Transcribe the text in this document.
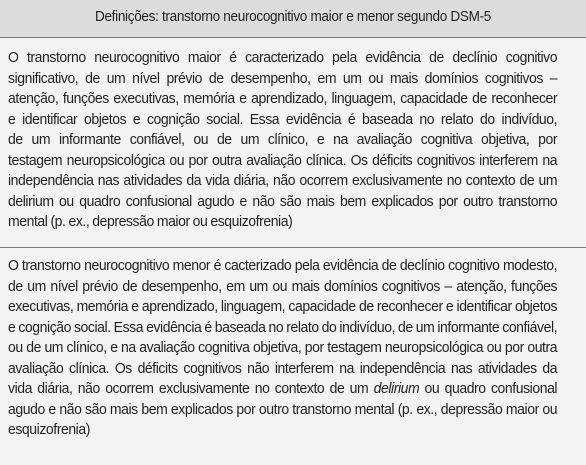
Definições: transtorno neurocognitivo maior e menor segundo DSM-5
O transtorno neurocognitivo maior é caracterizado pela evidência de declínio cognitivo
significativo, de um nível prévio de desempenho, em um ou mais domínios cognitivos –
atenção, funções executivas, memória e aprendizado, linguagem, capacidade de reconhecer
e identificar objetos e cognição social. Essa evidência é baseada no relato do indivíduo,
de um informante confiável, ou de um clínico, e na avaliação cognitiva objetiva, por
testagem neuropsicológica ou por outra avaliação clínica. Os déficits cognitivos interferem na
independência nas atividades da vida diária, não ocorrem exclusivamente no contexto de um
delirium ou quadro confusional agudo e não são mais bem explicados por outro transtorno
mental (p. ex., depressão maior ou esquizofrenia)
O transtorno neurocognitivo menor é cacterizado pela evidência de declínio cognitivo modesto,
de um nível prévio de desempenho, em um ou mais domínios cognitivos – atenção, funções
executivas, memória e aprendizado, linguagem, capacidade de reconhecer e identificar objetos
e cognição social. Essa evidência é baseada no relato do indivíduo, de um informante confiável,
ou de um clínico, e na avaliação cognitiva objetiva, por testagem neuropsicológica ou por outra
avaliação clínica. Os déficits cognitivos não interferem na independência nas atividades da
vida diária, não ocorrem exclusivamente no contexto de um delirium ou quadro confusional
agudo e não são mais bem explicados por outro transtorno mental (p. ex., depressão maior ou
esquizofrenia)
